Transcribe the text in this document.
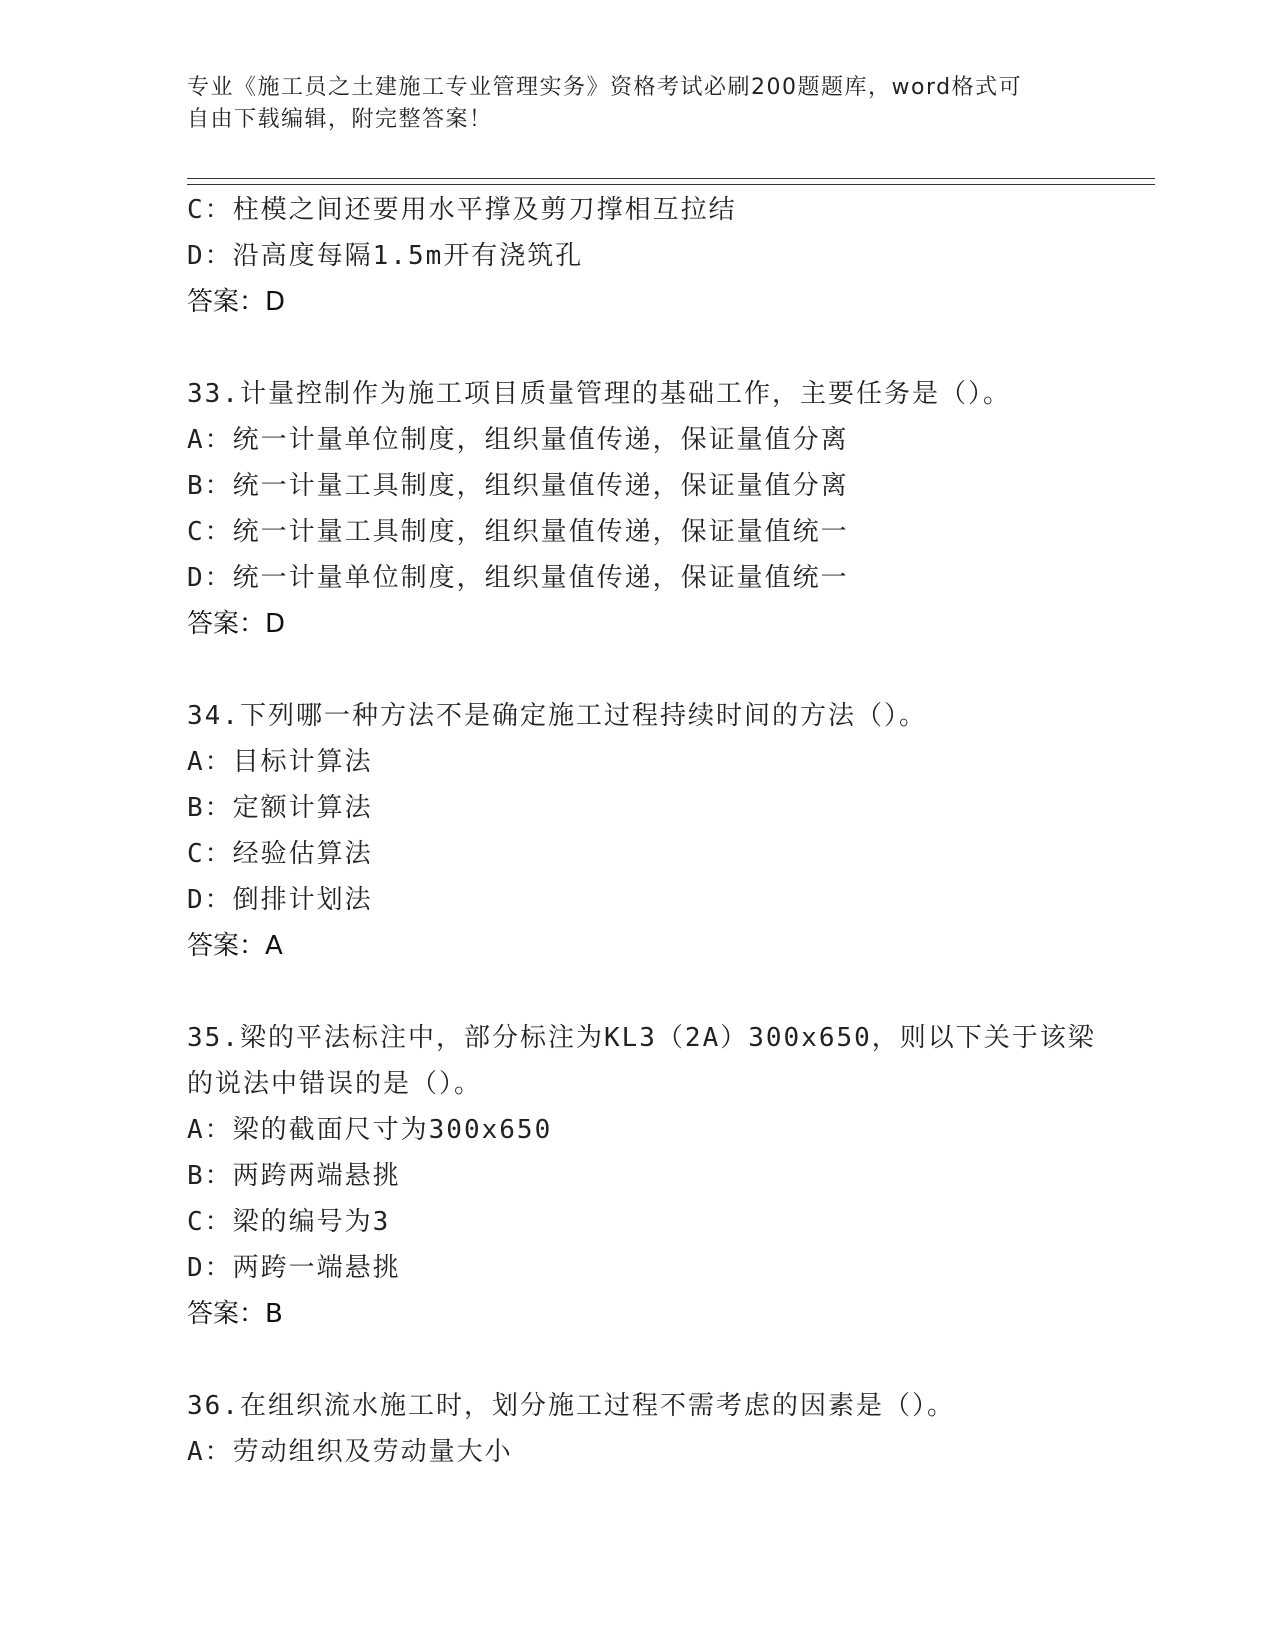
专业《施工员之土建施工专业管理实务》资格考试必刷200题题库，word格式可
自由下载编辑，附完整答案！
C：柱模之间还要用水平撑及剪刀撑相互拉结
D：沿高度每隔1.5m开有浇筑孔
答案：D
33.计量控制作为施工项目质量管理的基础工作，主要任务是（）。
A：统一计量单位制度，组织量值传递，保证量值分离
B：统一计量工具制度，组织量值传递，保证量值分离
C：统一计量工具制度，组织量值传递，保证量值统一
D：统一计量单位制度，组织量值传递，保证量值统一
答案：D
34.下列哪一种方法不是确定施工过程持续时间的方法（）。
A：目标计算法
B：定额计算法
C：经验估算法
D：倒排计划法
答案：A
35.梁的平法标注中，部分标注为KL3（2A）300x650，则以下关于该梁
的说法中错误的是（）。
A：梁的截面尺寸为300x650
B：两跨两端悬挑
C：梁的编号为3
D：两跨一端悬挑
答案：B
36.在组织流水施工时，划分施工过程不需考虑的因素是（）。
A：劳动组织及劳动量大小
